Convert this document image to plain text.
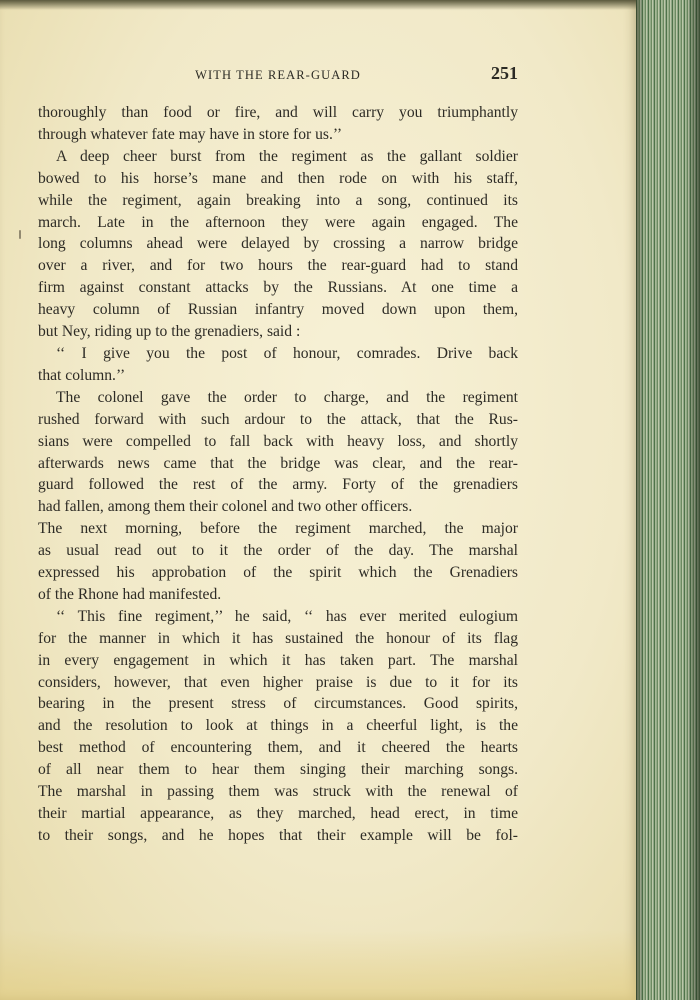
WITH THE REAR-GUARD	251

thoroughly than food or fire, and will carry you triumphantly
through whatever fate may have in store for us.’’

A deep cheer burst from the regiment as the gallant soldier
bowed to his horse’s mane and then rode on with his staff,
while the regiment, again breaking into a song, continued its
march. Late in the afternoon they were again engaged. The
long columns ahead were delayed by crossing a narrow bridge
over a river, and for two hours the rear-guard had to stand
firm against constant attacks by the Russians. At one time a
heavy column of Russian infantry moved down upon them,
but Ney, riding up to the grenadiers, said :

‘‘ I give you the post of honour, comrades. Drive back
that column.’’

The colonel gave the order to charge, and the regiment
rushed forward with such ardour to the attack, that the Rus-
sians were compelled to fall back with heavy loss, and shortly
afterwards news came that the bridge was clear, and the rear-
guard followed the rest of the army. Forty of the grenadiers
had fallen, among them their colonel and two other officers.

The next morning, before the regiment marched, the major
as usual read out to it the order of the day. The marshal
expressed his approbation of the spirit which the Grenadiers
of the Rhone had manifested.

‘‘ This fine regiment,’’ he said, ‘‘ has ever merited eulogium
for the manner in which it has sustained the honour of its flag
in every engagement in which it has taken part. The marshal
considers, however, that even higher praise is due to it for its
bearing in the present stress of circumstances. Good spirits,
and the resolution to look at things in a cheerful light, is the
best method of encountering them, and it cheered the hearts
of all near them to hear them singing their marching songs.
The marshal in passing them was struck with the renewal of
their martial appearance, as they marched, head erect, in time
to their songs, and he hopes that their example will be fol-
